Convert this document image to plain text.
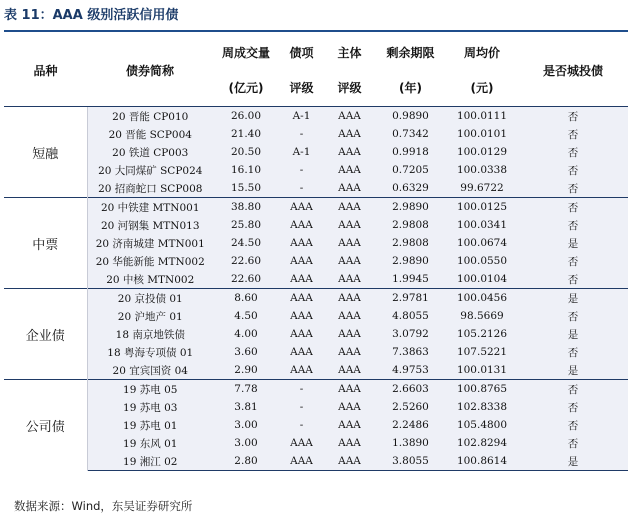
表 11：AAA 级别活跃信用债
品种	债券简称	周成交量	债项	主体	剩余期限	周均价	是否城投债
		(亿元)	评级	评级	(年)	(元)	
短融	20 晋能 CP010	26.00	A-1	AAA	0.9890	100.0111	否
	20 晋能 SCP004	21.40	-	AAA	0.7342	100.0101	否
	20 铁道 CP003	20.50	A-1	AAA	0.9918	100.0129	否
	20 大同煤矿 SCP024	16.10	-	AAA	0.7205	100.0338	否
	20 招商蛇口 SCP008	15.50	-	AAA	0.6329	99.6722	否
中票	20 中铁建 MTN001	38.80	AAA	AAA	2.9890	100.0125	否
	20 河钢集 MTN013	25.80	AAA	AAA	2.9808	100.0341	否
	20 济南城建 MTN001	24.50	AAA	AAA	2.9808	100.0674	是
	20 华能新能 MTN002	22.60	AAA	AAA	2.9890	100.0550	否
	20 中核 MTN002	22.60	AAA	AAA	1.9945	100.0104	否
企业债	20 京投债 01	8.60	AAA	AAA	2.9781	100.0456	是
	20 沪地产 01	4.50	AAA	AAA	4.8055	98.5669	否
	18 南京地铁债	4.00	AAA	AAA	3.0792	105.2126	是
	18 粤海专项债 01	3.60	AAA	AAA	7.3863	107.5221	否
	20 宜宾国资 04	2.90	AAA	AAA	4.9753	100.0131	是
公司债	19 苏电 05	7.78	-	AAA	2.6603	100.8765	否
	19 苏电 03	3.81	-	AAA	2.5260	102.8338	否
	19 苏电 01	3.00	-	AAA	2.2486	105.4800	否
	19 东风 01	3.00	AAA	AAA	1.3890	102.8294	否
	19 湘江 02	2.80	AAA	AAA	3.8055	100.8614	是
数据来源：Wind，东吴证券研究所
